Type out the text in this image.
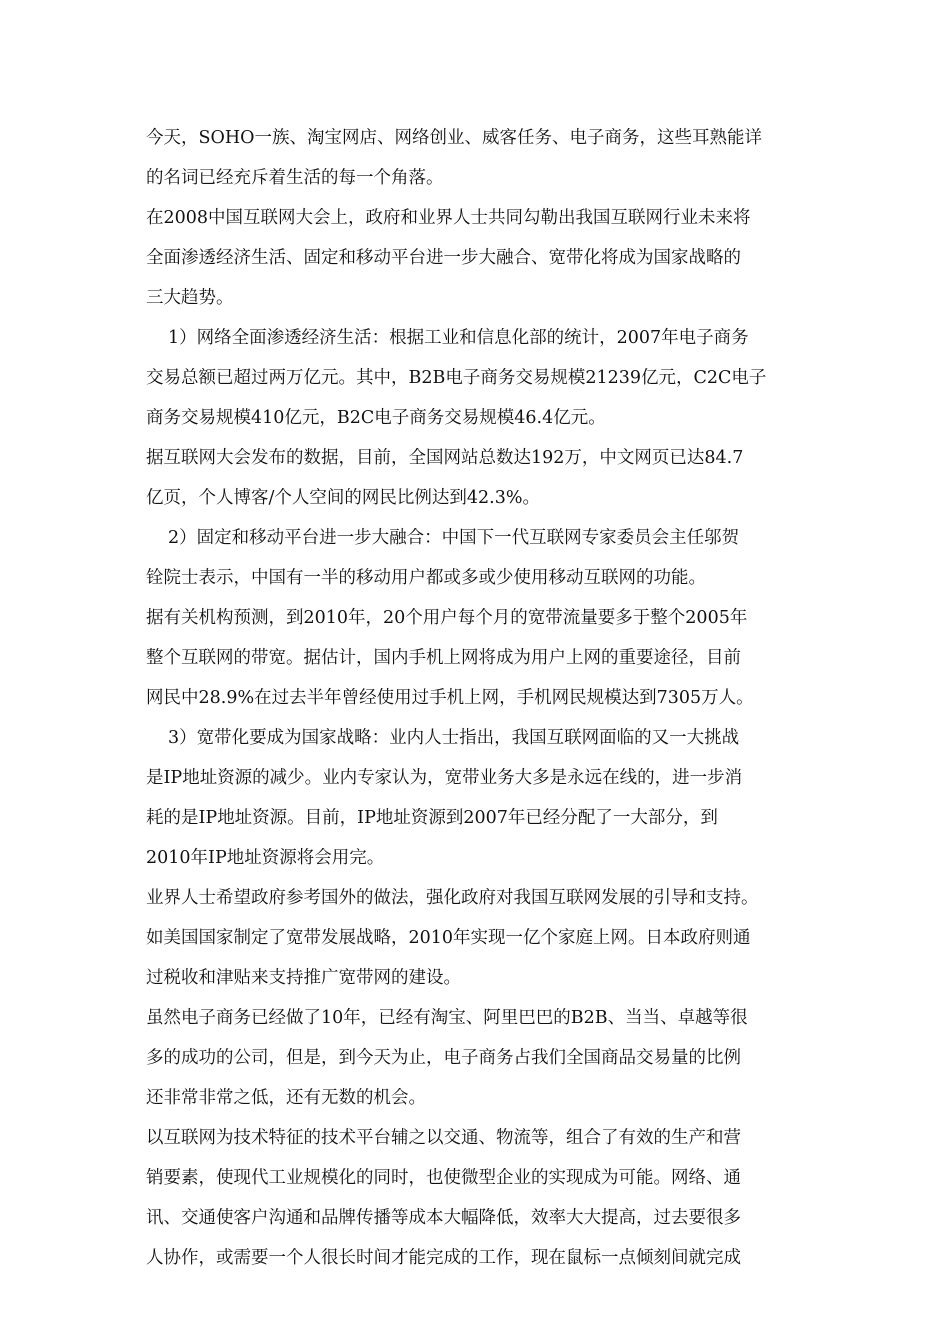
今天，SOHO一族、淘宝网店、网络创业、威客任务、电子商务，这些耳熟能详
的名词已经充斥着生活的每一个角落。
在2008中国互联网大会上，政府和业界人士共同勾勒出我国互联网行业未来将
全面渗透经济生活、固定和移动平台进一步大融合、宽带化将成为国家战略的
三大趋势。
1）网络全面渗透经济生活：根据工业和信息化部的统计，2007年电子商务
交易总额已超过两万亿元。其中，B2B电子商务交易规模21239亿元，C2C电子
商务交易规模410亿元，B2C电子商务交易规模46.4亿元。
据互联网大会发布的数据，目前，全国网站总数达192万，中文网页已达84.7
亿页，个人博客/个人空间的网民比例达到42.3%。
2）固定和移动平台进一步大融合：中国下一代互联网专家委员会主任邬贺
铨院士表示，中国有一半的移动用户都或多或少使用移动互联网的功能。
据有关机构预测，到2010年，20个用户每个月的宽带流量要多于整个2005年
整个互联网的带宽。据估计，国内手机上网将成为用户上网的重要途径，目前
网民中28.9%在过去半年曾经使用过手机上网，手机网民规模达到7305万人。
3）宽带化要成为国家战略：业内人士指出，我国互联网面临的又一大挑战
是IP地址资源的减少。业内专家认为，宽带业务大多是永远在线的，进一步消
耗的是IP地址资源。目前，IP地址资源到2007年已经分配了一大部分，到
2010年IP地址资源将会用完。
业界人士希望政府参考国外的做法，强化政府对我国互联网发展的引导和支持。
如美国国家制定了宽带发展战略，2010年实现一亿个家庭上网。日本政府则通
过税收和津贴来支持推广宽带网的建设。
虽然电子商务已经做了10年，已经有淘宝、阿里巴巴的B2B、当当、卓越等很
多的成功的公司，但是，到今天为止，电子商务占我们全国商品交易量的比例
还非常非常之低，还有无数的机会。
以互联网为技术特征的技术平台辅之以交通、物流等，组合了有效的生产和营
销要素，使现代工业规模化的同时，也使微型企业的实现成为可能。网络、通
讯、交通使客户沟通和品牌传播等成本大幅降低，效率大大提高，过去要很多
人协作，或需要一个人很长时间才能完成的工作，现在鼠标一点倾刻间就完成
